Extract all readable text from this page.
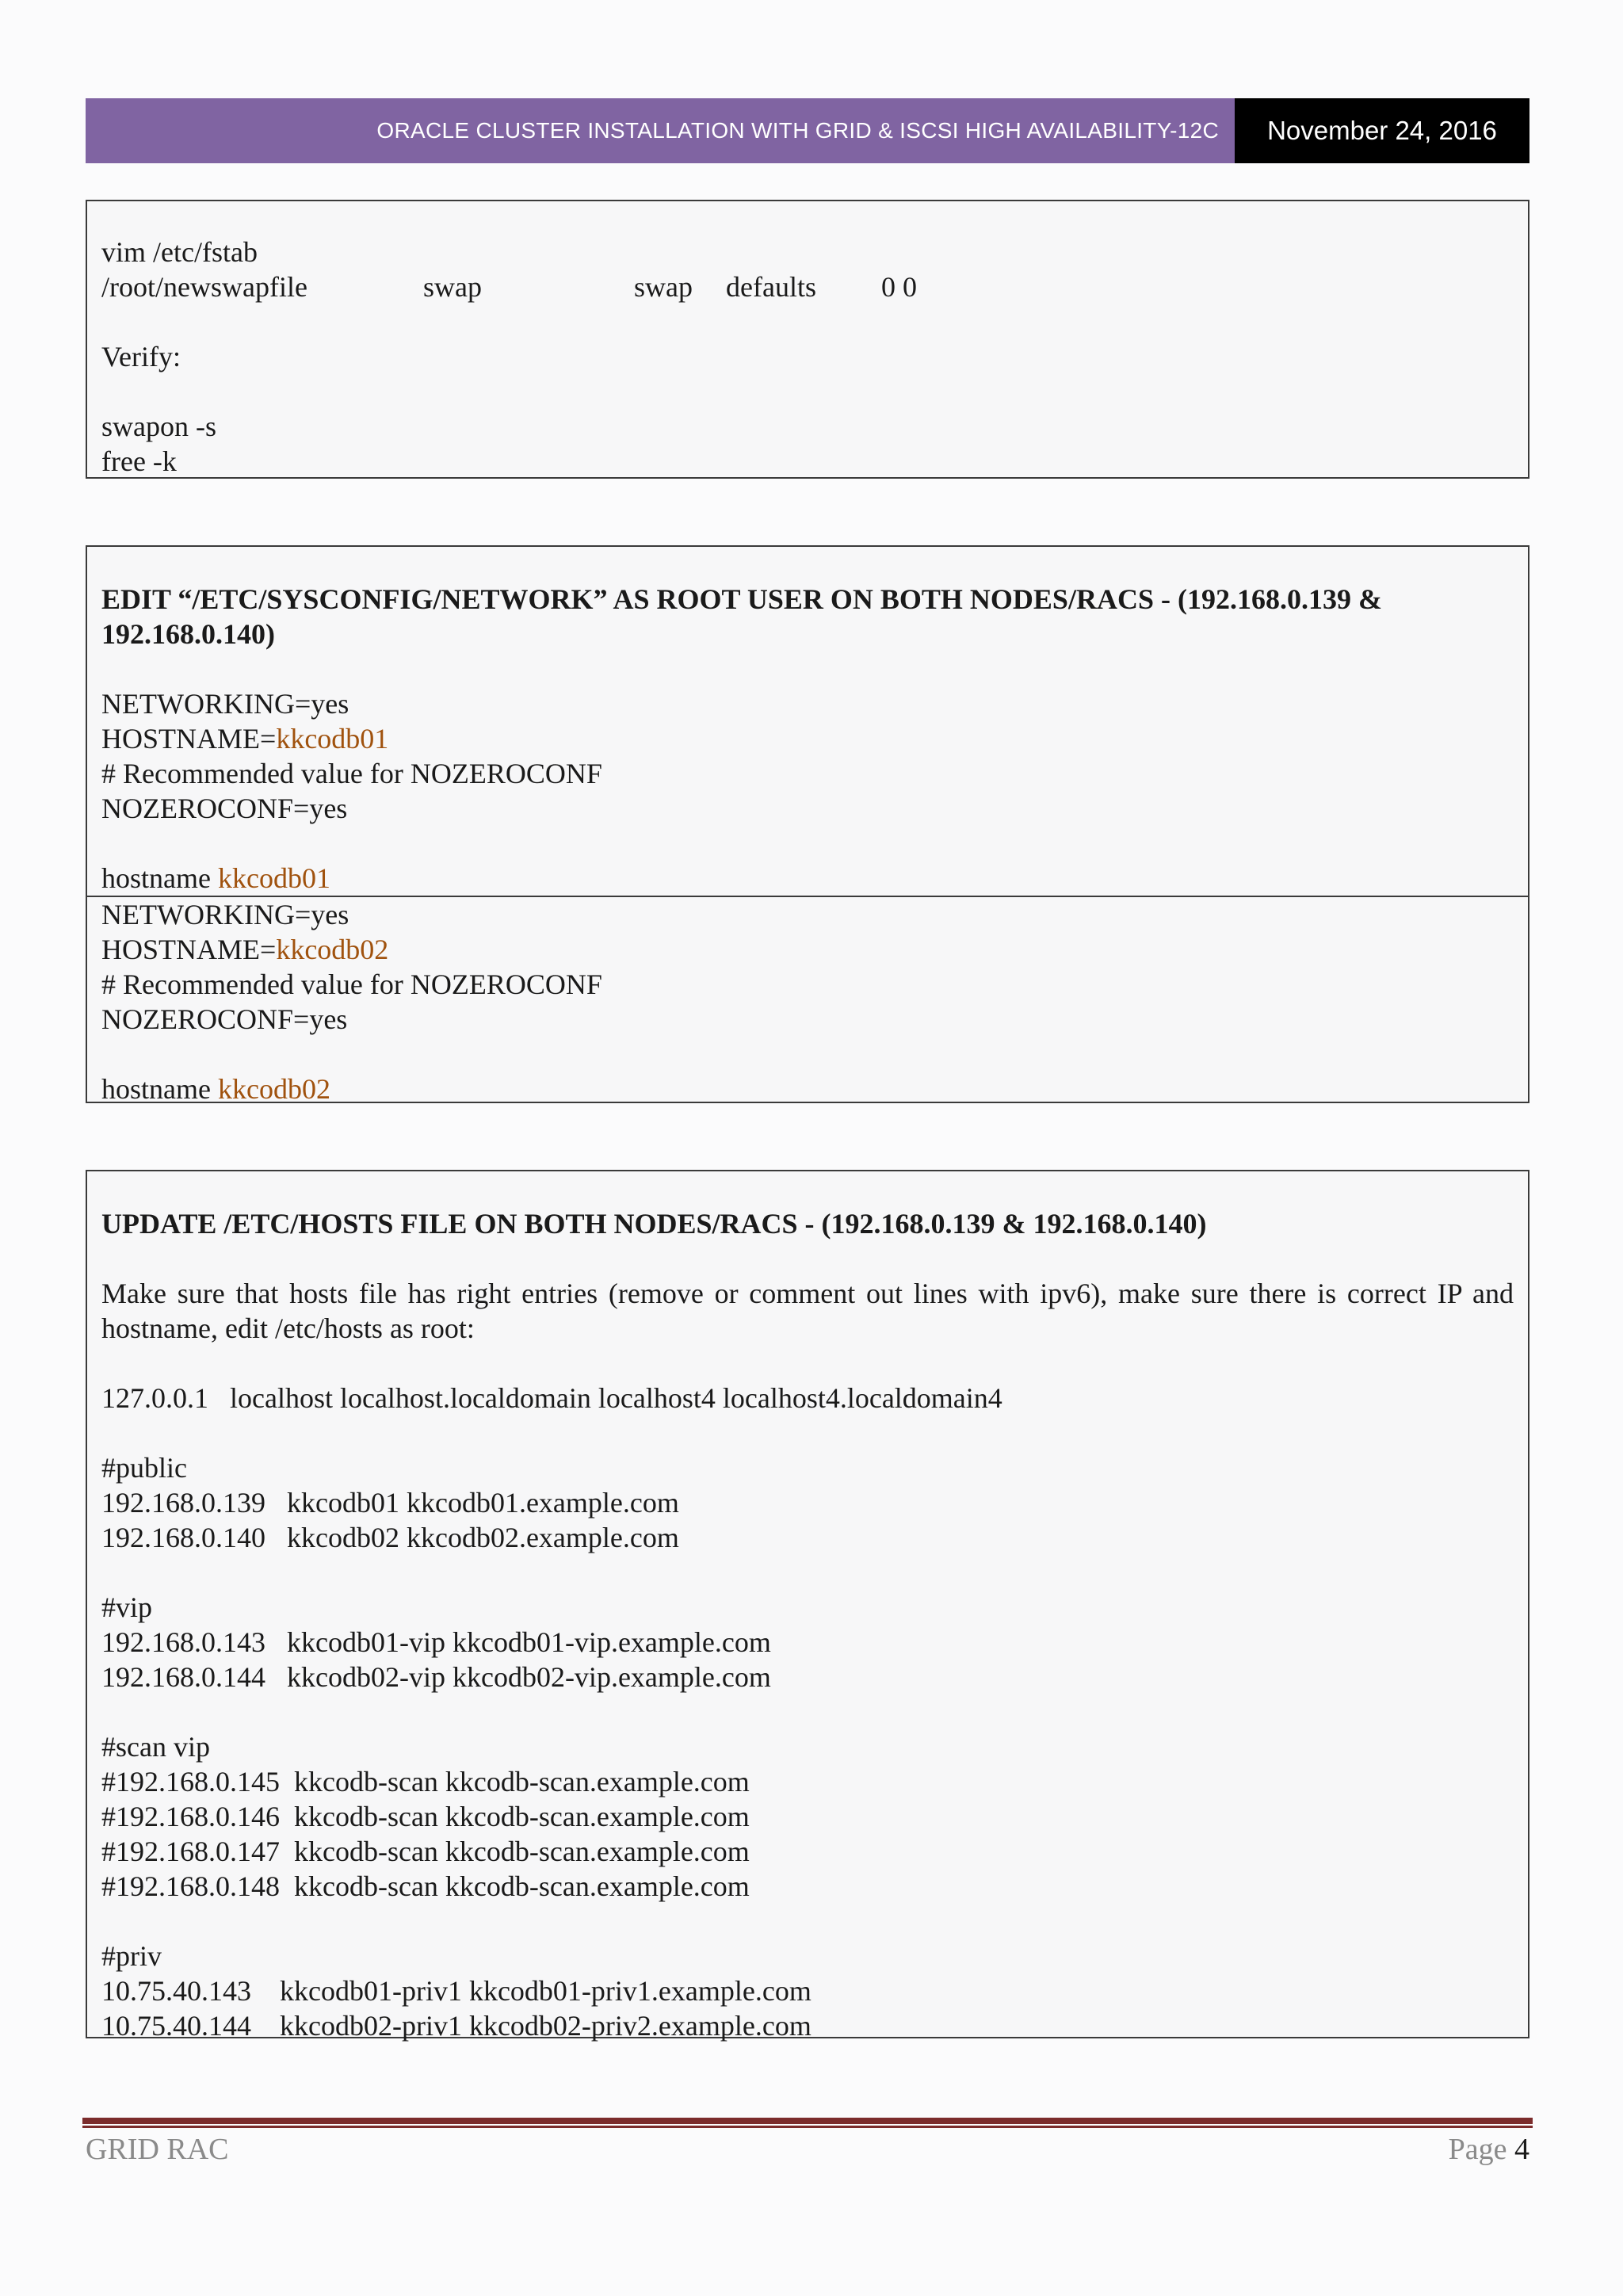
ORACLE CLUSTER INSTALLATION WITH GRID & ISCSI HIGH AVAILABILITY-12C	November 24, 2016
vim /etc/fstab
/root/newswapfile	swap	swap defaults 0 0
Verify:
swapon -s
free -k
EDIT “/ETC/SYSCONFIG/NETWORK” AS ROOT USER ON BOTH NODES/RACS - (192.168.0.139 & 192.168.0.140)
NETWORKING=yes
HOSTNAME=kkcodb01
# Recommended value for NOZEROCONF
NOZEROCONF=yes
hostname kkcodb01
NETWORKING=yes
HOSTNAME=kkcodb02
# Recommended value for NOZEROCONF
NOZEROCONF=yes
hostname kkcodb02
UPDATE /ETC/HOSTS FILE ON BOTH NODES/RACS - (192.168.0.139 & 192.168.0.140)
Make sure that hosts file has right entries (remove or comment out lines with ipv6), make sure there is correct IP and hostname, edit /etc/hosts as root:
127.0.0.1   localhost localhost.localdomain localhost4 localhost4.localdomain4
#public
192.168.0.139   kkcodb01 kkcodb01.example.com
192.168.0.140   kkcodb02 kkcodb02.example.com
#vip
192.168.0.143   kkcodb01-vip kkcodb01-vip.example.com
192.168.0.144   kkcodb02-vip kkcodb02-vip.example.com
#scan vip
#192.168.0.145  kkcodb-scan kkcodb-scan.example.com
#192.168.0.146  kkcodb-scan kkcodb-scan.example.com
#192.168.0.147  kkcodb-scan kkcodb-scan.example.com
#192.168.0.148  kkcodb-scan kkcodb-scan.example.com
#priv
10.75.40.143    kkcodb01-priv1 kkcodb01-priv1.example.com
10.75.40.144    kkcodb02-priv1 kkcodb02-priv2.example.com
GRID RAC	Page 4
